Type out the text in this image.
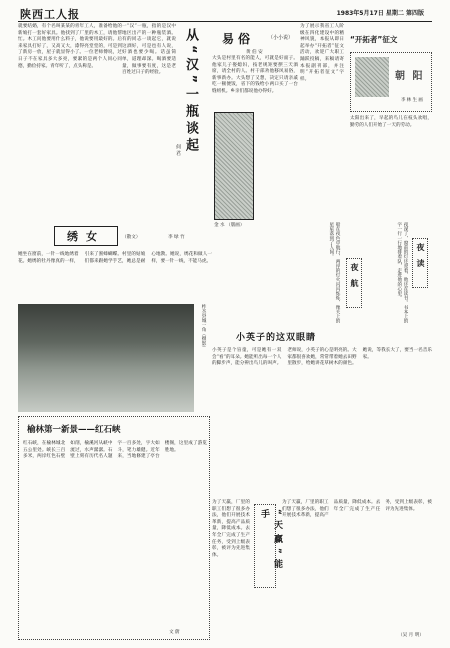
陕西工人报	1983年5月17日 星期二 第四版
就要结婚，有个名叫某某的青年工人，准备给他的新娘打一套好家具。他找到了厂里的木工，请他帮忙。木工问他要用什么料子，他说要用最好的。后来家具打好了，又高又大，漆得亮堂堂的，可是到了新房一放，屋子就显得小了。一位老师傅说，过日子不在家具多大多亮，要紧的是两个人同心同德，勤俭持家。青年听了，点头称是。
一“汉”一瓶，指的是汉中地区出产的一种瓶装酒。有的同志一谈起它，就说这酒好，可是也有人说，好酒也要少喝。话虽简单，道理却深。喝酒要适量，做事要有度，这是老百姓过日子的经验。	从“汉”一瓶谈起
何 君
易俗	（小小说）
黄 伯 安
大头是村里有名的能人，可就是好面子。他家儿子娶媳妇，按老规矩要摆三天酒席，请全村的人。村干部劝他移风易俗，新事新办。大头想了又想，决定只请亲戚吃一顿便饭，省下的钱给小两口买了一台缝纫机。乡亲们都说他办得好。
金 水 （版画）
为了展示我省工人阶级在四化建设中的精神风貌，本报从即日起举办“开拓者”征文活动，欢迎广大职工踊跃投稿，来稿请寄本报副刊部，并注明“开拓者征文”字样。
“开拓者”征文
朝 阳
李 林 生 画
太阳出来了，早起的鸟儿在枝头欢唱，勤劳的人们开始了一天的劳动。
绣女	（散文）	李 绿 竹
她坐在窗前，一针一线地绣着花。她绣的牡丹像真的一样，引来了蜜蜂蝴蝶。村里的姑娘们都来跟她学手艺，她总是耐心地教。她说，绣花和做人一样，要一针一线，不能马虎。	船在夜色中航行，两岸的灯火闪闪烁烁，像天上的星星落到了人间。
夜航	夜深了，窗前的灯还亮着，他还在读书。书本上的字一行一行地排着队，走进他的心里。	夜读
柞水县城一角（摄影）	小英子的这双眼睛
小英子是个盲童，可是她有一双会“看”的耳朵。她能听出每一个人的脚步声，能分辨出鸟儿的叫声。老师说，小英子的心是明亮的。大家都很喜欢她，常常带着她去田野里散步，给她讲花草树木的颜色。她说，等我长大了，要当一名音乐家。
榆林第一新景——红石峡
红石峡，在榆林城北五公里处。峡长三百多米，两岸红色石壁如削，榆溪河从峡中流过，水声潺潺。石壁上刻有历代名人题字一百多处，字大如斗，笔力雄健。近年来，当地修建了亭台楼阁，这里成了游览胜地。
文 蔚
为了天赢，厂里的职工们想了很多办法，他们开展技术革新，提高产品质量，降低成本。去年全厂完成了生产任务，受到上级表彰，被评为先进集体。	“天赢”能手
为了天赢，厂里的职工们想了很多办法，他们开展技术革新，提高产品质量，降低成本。去年全厂完成了生产任务，受到上级表彰，被评为先进集体。
（吴 月 明）
